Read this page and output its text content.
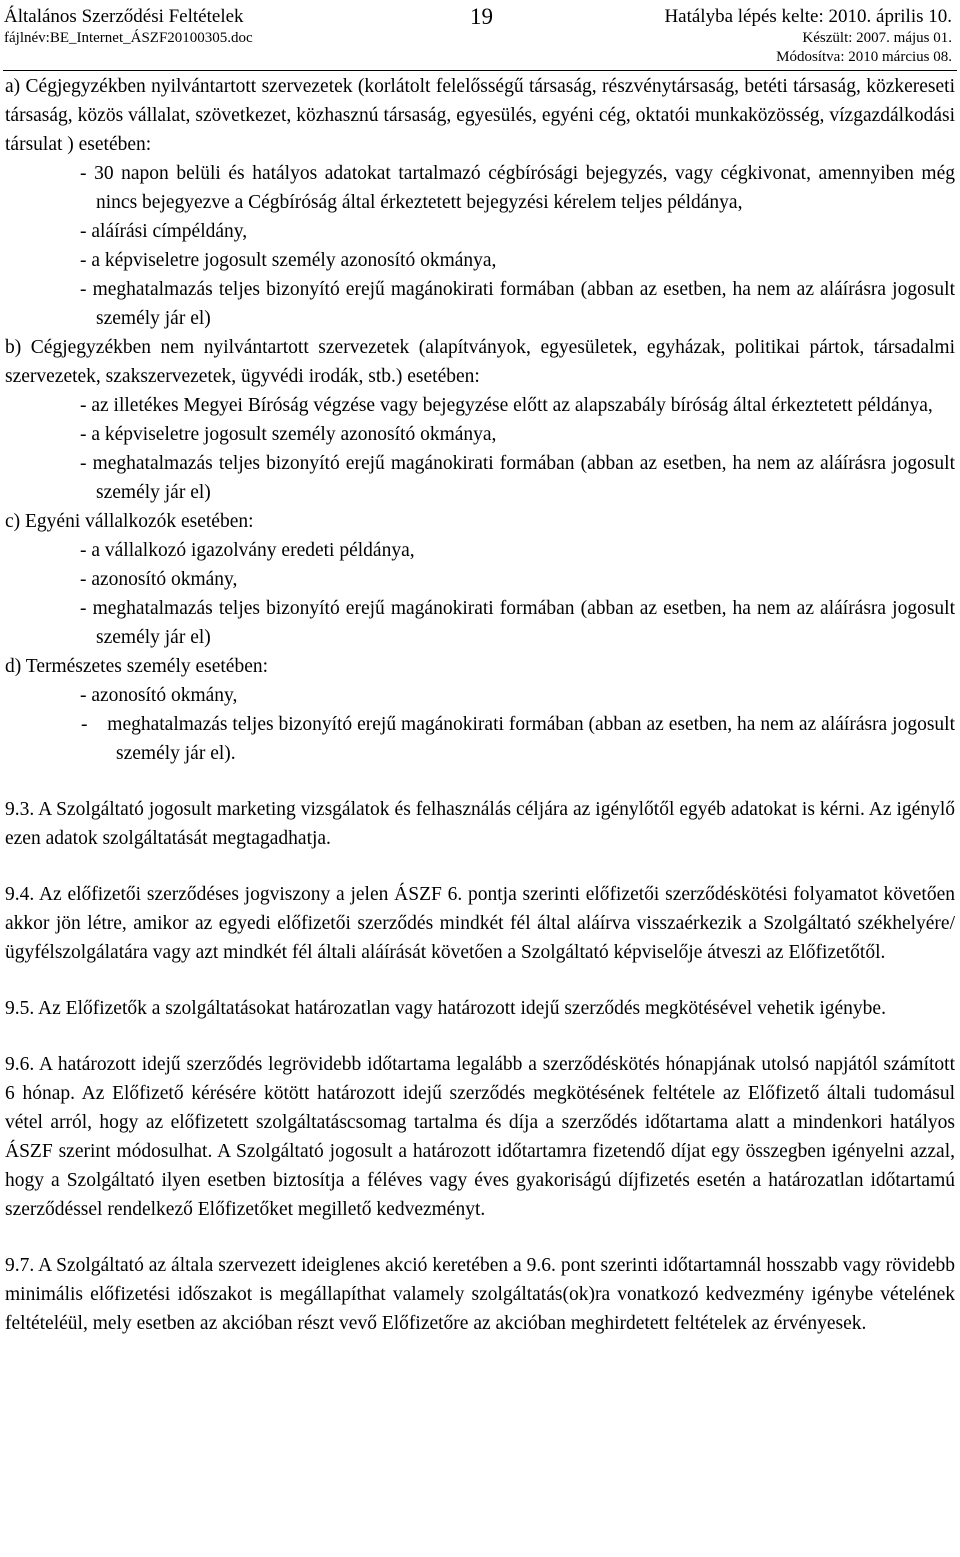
Általános Szerződési Feltételek
fájlnév:BE_Internet_ÁSZF20100305.doc
19	Hatályba lépés kelte: 2010. április 10.
Készült: 2007. május 01.
Módosítva: 2010 március 08.

a) Cégjegyzékben nyilvántartott szervezetek (korlátolt felelősségű társaság, részvénytársaság, betéti társaság, közkereseti társaság, közös vállalat, szövetkezet, közhasznú társaság, egyesülés, egyéni cég, oktatói munkaközösség, vízgazdálkodási társulat ) esetében:

- 30 napon belüli és hatályos adatokat tartalmazó cégbírósági bejegyzés, vagy cégkivonat, amennyiben még nincs bejegyezve a Cégbíróság által érkeztetett bejegyzési kérelem teljes példánya,

- aláírási címpéldány,

- a képviseletre jogosult személy azonosító okmánya,

- meghatalmazás teljes bizonyító erejű magánokirati formában (abban az esetben, ha nem az aláírásra jogosult személy jár el)

b) Cégjegyzékben nem nyilvántartott szervezetek (alapítványok, egyesületek, egyházak, politikai pártok, társadalmi szervezetek, szakszervezetek, ügyvédi irodák, stb.) esetében:

- az illetékes Megyei Bíróság végzése vagy bejegyzése előtt az alapszabály bíróság által érkeztetett példánya,

- a képviseletre jogosult személy azonosító okmánya,

- meghatalmazás teljes bizonyító erejű magánokirati formában (abban az esetben, ha nem az aláírásra jogosult személy jár el)

c) Egyéni vállalkozók esetében:

- a vállalkozó igazolvány eredeti példánya,

- azonosító okmány,

- meghatalmazás teljes bizonyító erejű magánokirati formában (abban az esetben, ha nem az aláírásra jogosult személy jár el)

d) Természetes személy esetében:

- azonosító okmány,

-    meghatalmazás teljes bizonyító erejű magánokirati formában (abban az esetben, ha nem az aláírásra jogosult személy jár el).

9.3. A Szolgáltató jogosult marketing vizsgálatok és felhasználás céljára az igénylőtől egyéb adatokat is kérni. Az igénylő ezen adatok szolgáltatását megtagadhatja.

9.4. Az előfizetői szerződéses jogviszony a jelen ÁSZF 6. pontja szerinti előfizetői szerződéskötési folyamatot követően akkor jön létre, amikor az egyedi előfizetői szerződés mindkét fél által aláírva visszaérkezik a Szolgáltató székhelyére/ügyfélszolgálatára vagy azt mindkét fél általi aláírását követően a Szolgáltató képviselője átveszi az Előfizetőtől.

9.5. Az Előfizetők a szolgáltatásokat határozatlan vagy határozott idejű szerződés megkötésével vehetik igénybe.

9.6. A határozott idejű szerződés legrövidebb időtartama legalább a szerződéskötés hónapjának utolsó napjától számított 6 hónap. Az Előfizető kérésére kötött határozott idejű szerződés megkötésének feltétele az Előfizető általi tudomásul vétel arról, hogy az előfizetett szolgáltatáscsomag tartalma és díja a szerződés időtartama alatt a mindenkori hatályos ÁSZF szerint módosulhat. A Szolgáltató jogosult a határozott időtartamra fizetendő díjat egy összegben igényelni azzal, hogy a Szolgáltató ilyen esetben biztosítja a féléves vagy éves gyakoriságú díjfizetés esetén a határozatlan időtartamú szerződéssel rendelkező Előfizetőket megillető kedvezményt.

9.7. A Szolgáltató az általa szervezett ideiglenes akció keretében a 9.6. pont szerinti időtartamnál hosszabb vagy rövidebb minimális előfizetési időszakot is megállapíthat valamely szolgáltatás(ok)ra vonatkozó kedvezmény igénybe vételének feltételéül, mely esetben az akcióban részt vevő Előfizetőre az akcióban meghirdetett feltételek az érvényesek.
